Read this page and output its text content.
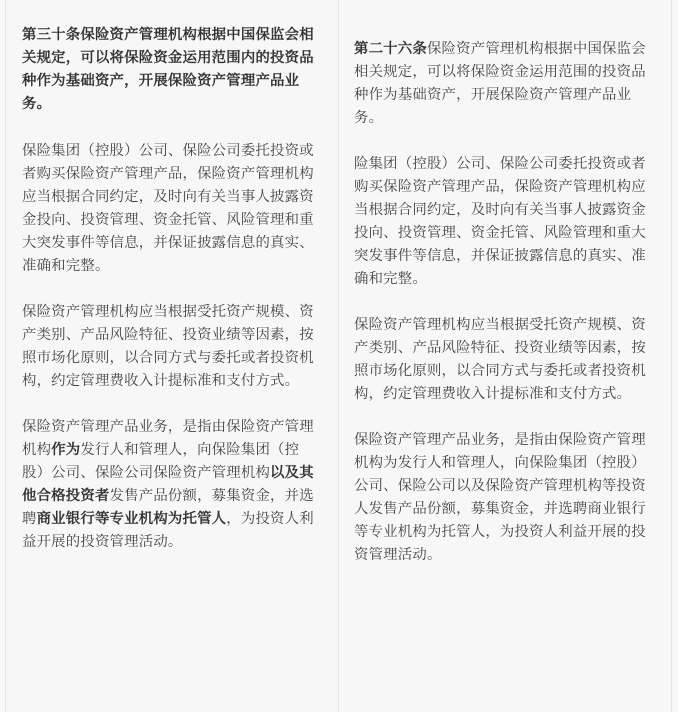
第三十条保险资产管理机构根据中国保监会相关规定，可以将保险资金运用范围内的投资品种作为基础资产，开展保险资产管理产品业务。

保险集团（控股）公司、保险公司委托投资或者购买保险资产管理产品，保险资产管理机构应当根据合同约定，及时向有关当事人披露资金投向、投资管理、资金托管、风险管理和重大突发事件等信息，并保证披露信息的真实、准确和完整。

保险资产管理机构应当根据受托资产规模、资产类别、产品风险特征、投资业绩等因素，按照市场化原则，以合同方式与委托或者投资机构，约定管理费收入计提标准和支付方式。

保险资产管理产品业务，是指由保险资产管理机构作为发行人和管理人，向保险集团（控股）公司、保险公司保险资产管理机构以及其他合格投资者发售产品份额，募集资金，并选聘商业银行等专业机构为托管人，为投资人利益开展的投资管理活动。

第二十六条保险资产管理机构根据中国保监会相关规定，可以将保险资金运用范围的投资品种作为基础资产，开展保险资产管理产品业务。

险集团（控股）公司、保险公司委托投资或者购买保险资产管理产品，保险资产管理机构应当根据合同约定，及时向有关当事人披露资金投向、投资管理、资金托管、风险管理和重大突发事件等信息，并保证披露信息的真实、准确和完整。

保险资产管理机构应当根据受托资产规模、资产类别、产品风险特征、投资业绩等因素，按照市场化原则，以合同方式与委托或者投资机构，约定管理费收入计提标准和支付方式。

保险资产管理产品业务，是指由保险资产管理机构为发行人和管理人，向保险集团（控股）公司、保险公司以及保险资产管理机构等投资人发售产品份额，募集资金，并选聘商业银行等专业机构为托管人，为投资人利益开展的投资管理活动。
